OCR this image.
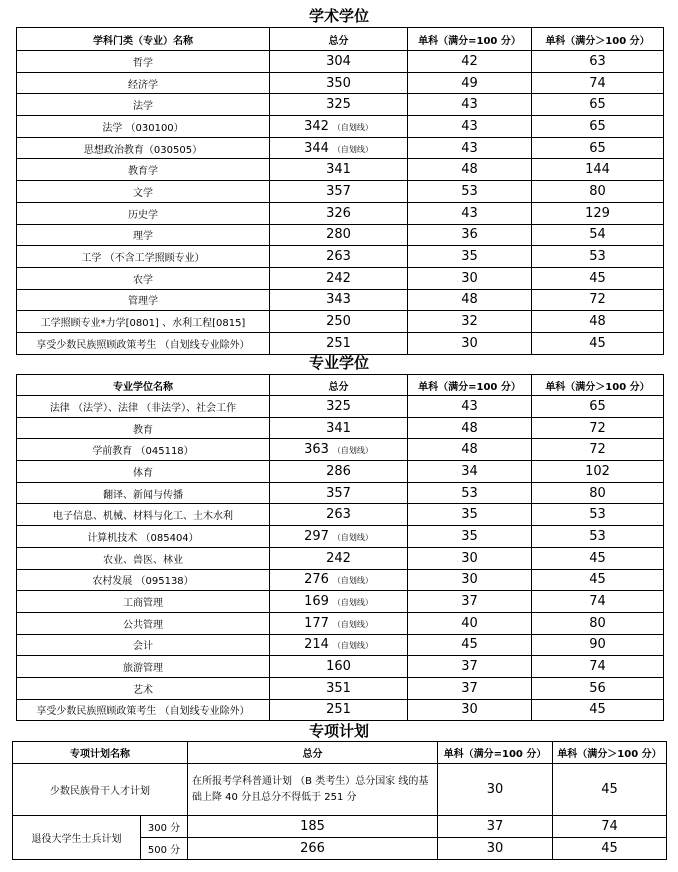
学术学位
学科门类（专业）名称	总分	单科（满分=100 分）	单科（满分＞100 分）
哲学	304	42	63
经济学	350	49	74
法学	325	43	65
法学 （030100）	342 （自划线）	43	65
思想政治教育（030505）	344 （自划线）	43	65
教育学	341	48	144
文学	357	53	80
历史学	326	43	129
理学	280	36	54
工学 （不含工学照顾专业）	263	35	53
农学	242	30	45
管理学	343	48	72
工学照顾专业*力学[0801] 、水利工程[0815]	250	32	48
享受少数民族照顾政策考生 （自划线专业除外）	251	30	45
专业学位
专业学位名称	总分	单科（满分=100 分）	单科（满分＞100 分）
法律 （法学）、法律 （非法学）、社会工作	325	43	65
教育	341	48	72
学前教育 （045118）	363 （自划线）	48	72
体育	286	34	102
翻译、新闻与传播	357	53	80
电子信息、机械、材料与化工、土木水利	263	35	53
计算机技术 （085404）	297 （自划线）	35	53
农业、兽医、林业	242	30	45
农村发展 （095138）	276 （自划线）	30	45
工商管理	169 （自划线）	37	74
公共管理	177 （自划线）	40	80
会计	214 （自划线）	45	90
旅游管理	160	37	74
艺术	351	37	56
享受少数民族照顾政策考生 （自划线专业除外）	251	30	45
专项计划
专项计划名称		总分	单科（满分=100 分）	单科（满分＞100 分）
少数民族骨干人才计划		在所报考学科普通计划 （B 类考生）总分国家 线的基础上降 40 分且总分不得低于 251 分	30	45
退役大学生士兵计划	300 分	185	37	74
	500 分	266	30	45
